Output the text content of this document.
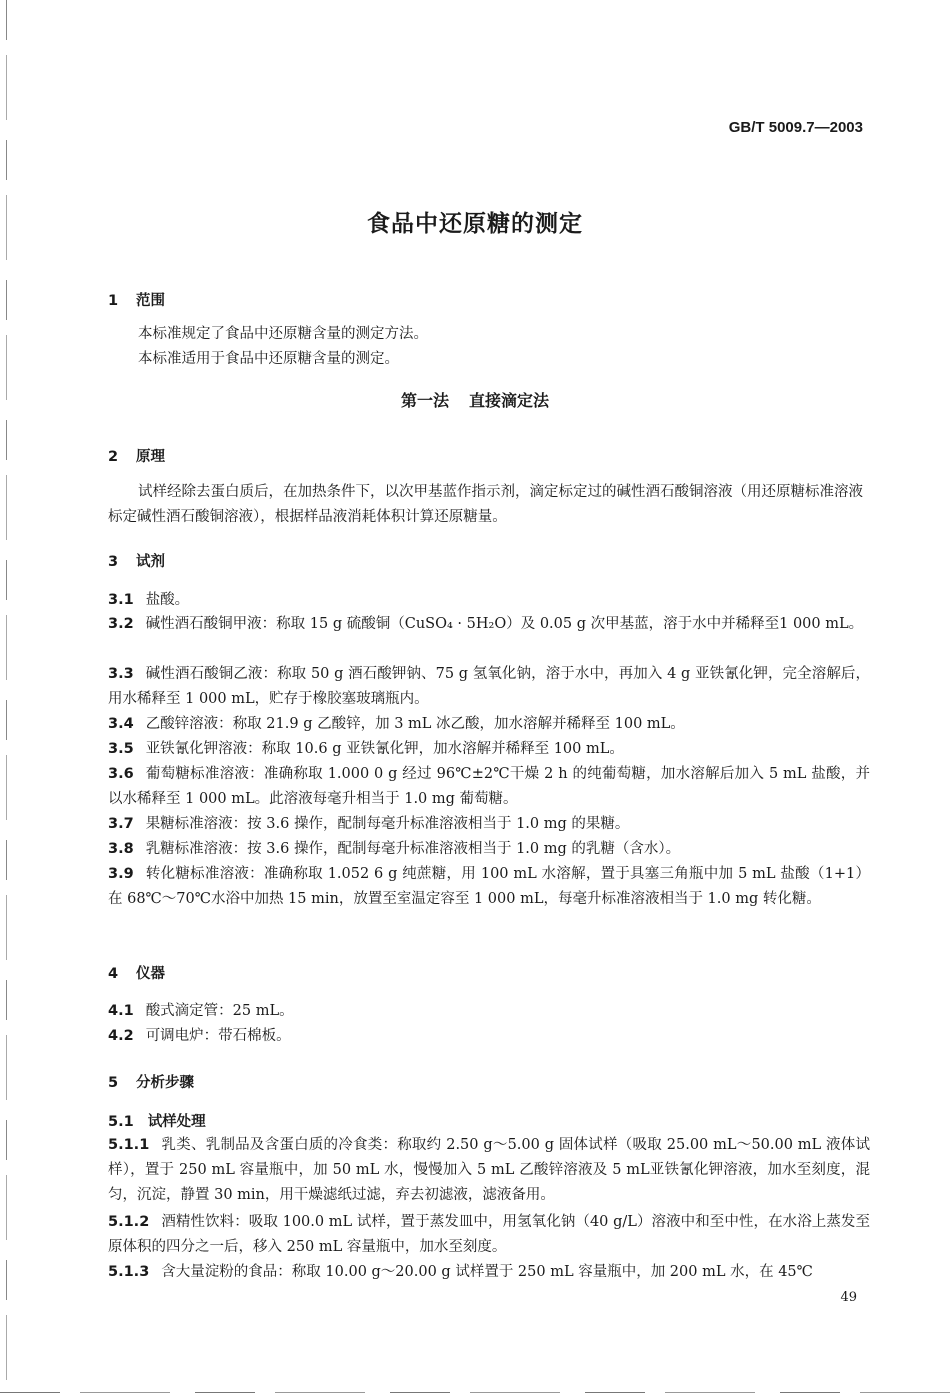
GB/T 5009.7—2003
食品中还原糖的测定
1 范围
本标准规定了食品中还原糖含量的测定方法。
本标准适用于食品中还原糖含量的测定。
第一法 直接滴定法
2 原理
试样经除去蛋白质后，在加热条件下，以次甲基蓝作指示剂，滴定标定过的碱性酒石酸铜溶液（用还原糖标准溶液标定碱性酒石酸铜溶液），根据样品液消耗体积计算还原糖量。
3 试剂
3.1 盐酸。
3.2 碱性酒石酸铜甲液：称取 15 g 硫酸铜（CuSO₄ · 5H₂O）及 0.05 g 次甲基蓝，溶于水中并稀释至1 000 mL。
3.3 碱性酒石酸铜乙液：称取 50 g 酒石酸钾钠、75 g 氢氧化钠，溶于水中，再加入 4 g 亚铁氰化钾，完全溶解后，用水稀释至 1 000 mL，贮存于橡胶塞玻璃瓶内。
3.4 乙酸锌溶液：称取 21.9 g 乙酸锌，加 3 mL 冰乙酸，加水溶解并稀释至 100 mL。
3.5 亚铁氰化钾溶液：称取 10.6 g 亚铁氰化钾，加水溶解并稀释至 100 mL。
3.6 葡萄糖标准溶液：准确称取 1.000 0 g 经过 96℃±2℃干燥 2 h 的纯葡萄糖，加水溶解后加入 5 mL 盐酸，并以水稀释至 1 000 mL。此溶液每毫升相当于 1.0 mg 葡萄糖。
3.7 果糖标准溶液：按 3.6 操作，配制每毫升标准溶液相当于 1.0 mg 的果糖。
3.8 乳糖标准溶液：按 3.6 操作，配制每毫升标准溶液相当于 1.0 mg 的乳糖（含水）。
3.9 转化糖标准溶液：准确称取 1.052 6 g 纯蔗糖，用 100 mL 水溶解，置于具塞三角瓶中加 5 mL 盐酸（1+1）在 68℃～70℃水浴中加热 15 min，放置至室温定容至 1 000 mL，每毫升标准溶液相当于 1.0 mg 转化糖。
4 仪器
4.1 酸式滴定管：25 mL。
4.2 可调电炉：带石棉板。
5 分析步骤
5.1 试样处理
5.1.1 乳类、乳制品及含蛋白质的冷食类：称取约 2.50 g～5.00 g 固体试样（吸取 25.00 mL～50.00 mL 液体试样），置于 250 mL 容量瓶中，加 50 mL 水，慢慢加入 5 mL 乙酸锌溶液及 5 mL亚铁氰化钾溶液，加水至刻度，混匀，沉淀，静置 30 min，用干燥滤纸过滤，弃去初滤液，滤液备用。
5.1.2 酒精性饮料：吸取 100.0 mL 试样，置于蒸发皿中，用氢氧化钠（40 g/L）溶液中和至中性，在水浴上蒸发至原体积的四分之一后，移入 250 mL 容量瓶中，加水至刻度。
5.1.3 含大量淀粉的食品：称取 10.00 g～20.00 g 试样置于 250 mL 容量瓶中，加 200 mL 水，在 45℃
49
